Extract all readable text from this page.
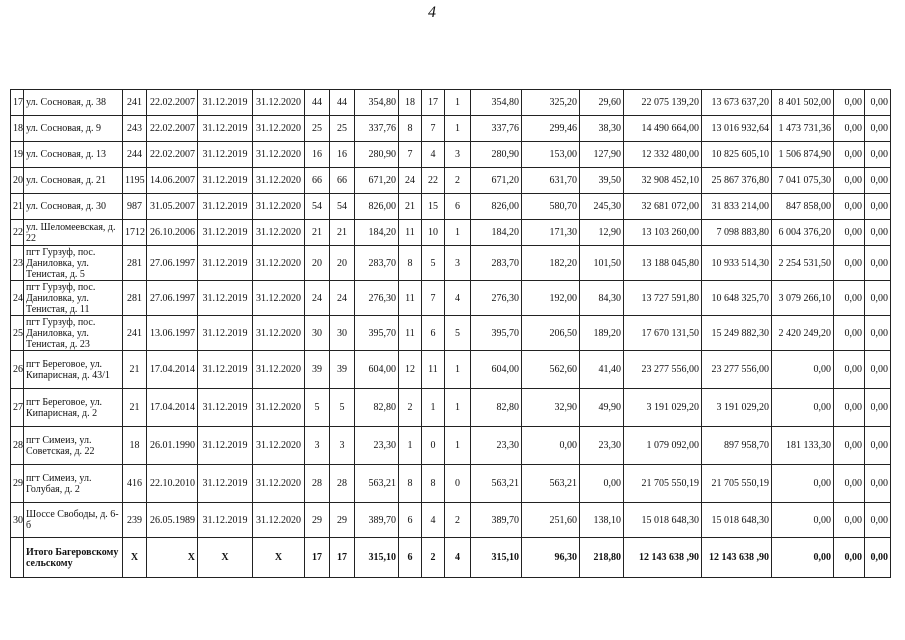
4
17	ул. Сосновая, д. 38	241	22.02.2007	31.12.2019	31.12.2020	44	44	354,80	18	17	1	354,80	325,20	29,60	22 075 139,20	13 673 637,20	8 401 502,00	0,00	0,00
18	ул. Сосновая, д. 9	243	22.02.2007	31.12.2019	31.12.2020	25	25	337,76	8	7	1	337,76	299,46	38,30	14 490 664,00	13 016 932,64	1 473 731,36	0,00	0,00
19	ул. Сосновая, д. 13	244	22.02.2007	31.12.2019	31.12.2020	16	16	280,90	7	4	3	280,90	153,00	127,90	12 332 480,00	10 825 605,10	1 506 874,90	0,00	0,00
20	ул. Сосновая, д. 21	1195	14.06.2007	31.12.2019	31.12.2020	66	66	671,20	24	22	2	671,20	631,70	39,50	32 908 452,10	25 867 376,80	7 041 075,30	0,00	0,00
21	ул. Сосновая, д. 30	987	31.05.2007	31.12.2019	31.12.2020	54	54	826,00	21	15	6	826,00	580,70	245,30	32 681 072,00	31 833 214,00	847 858,00	0,00	0,00
22	ул. Шеломеевская, д. 22	1712	26.10.2006	31.12.2019	31.12.2020	21	21	184,20	11	10	1	184,20	171,30	12,90	13 103 260,00	7 098 883,80	6 004 376,20	0,00	0,00
23	пгт Гурзуф, пос. Даниловка, ул. Тенистая, д. 5	281	27.06.1997	31.12.2019	31.12.2020	20	20	283,70	8	5	3	283,70	182,20	101,50	13 188 045,80	10 933 514,30	2 254 531,50	0,00	0,00
24	пгт Гурзуф, пос. Даниловка, ул. Тенистая, д. 11	281	27.06.1997	31.12.2019	31.12.2020	24	24	276,30	11	7	4	276,30	192,00	84,30	13 727 591,80	10 648 325,70	3 079 266,10	0,00	0,00
25	пгт Гурзуф, пос. Даниловка, ул. Тенистая, д. 23	241	13.06.1997	31.12.2019	31.12.2020	30	30	395,70	11	6	5	395,70	206,50	189,20	17 670 131,50	15 249 882,30	2 420 249,20	0,00	0,00
26	пгт Береговое, ул. Кипарисная, д. 43/1	21	17.04.2014	31.12.2019	31.12.2020	39	39	604,00	12	11	1	604,00	562,60	41,40	23 277 556,00	23 277 556,00	0,00	0,00	0,00
27	пгт Береговое, ул. Кипарисная, д. 2	21	17.04.2014	31.12.2019	31.12.2020	5	5	82,80	2	1	1	82,80	32,90	49,90	3 191 029,20	3 191 029,20	0,00	0,00	0,00
28	пгт Симеиз, ул. Советская, д. 22	18	26.01.1990	31.12.2019	31.12.2020	3	3	23,30	1	0	1	23,30	0,00	23,30	1 079 092,00	897 958,70	181 133,30	0,00	0,00
29	пгт Симеиз, ул. Голубая, д. 2	416	22.10.2010	31.12.2019	31.12.2020	28	28	563,21	8	8	0	563,21	563,21	0,00	21 705 550,19	21 705 550,19	0,00	0,00	0,00
30	Шоссе Свободы, д. 6-б	239	26.05.1989	31.12.2019	31.12.2020	29	29	389,70	6	4	2	389,70	251,60	138,10	15 018 648,30	15 018 648,30	0,00	0,00	0,00
	Итого Багеровскому сельскому	X	X	X	X	17	17	315,10	6	2	4	315,10	96,30	218,80	12 143 638 ,90	12 143 638 ,90	0,00	0,00	0,00
